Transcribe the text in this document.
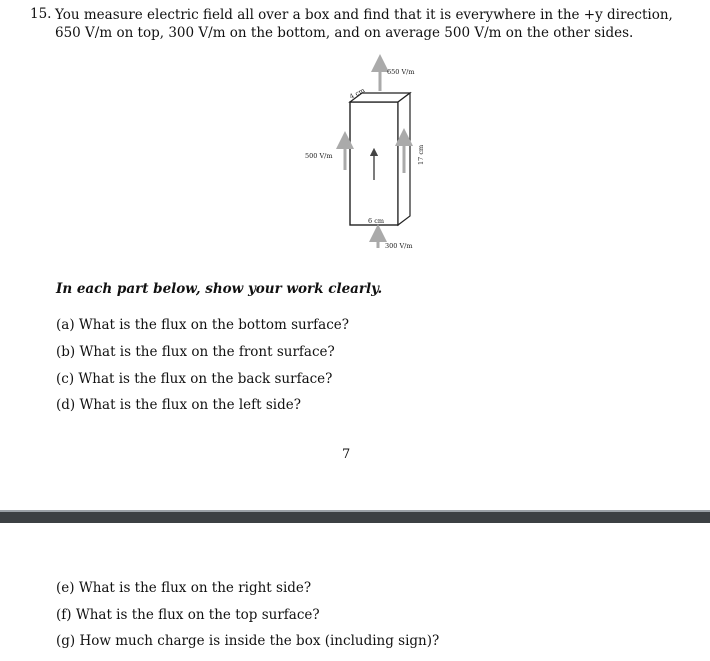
15. You measure electric field all over a box and find that it is everywhere in the +y direction, 650 V/m on top, 300 V/m on the bottom, and on average 500 V/m on the other sides.
650 V/m
500 V/m
300 V/m
4 cm
6 cm
17 cm
In each part below, show your work clearly.
(a) What is the flux on the bottom surface?
(b) What is the flux on the front surface?
(c) What is the flux on the back surface?
(d) What is the flux on the left side?
7
(e) What is the flux on the right side?
(f) What is the flux on the top surface?
(g) How much charge is inside the box (including sign)?
